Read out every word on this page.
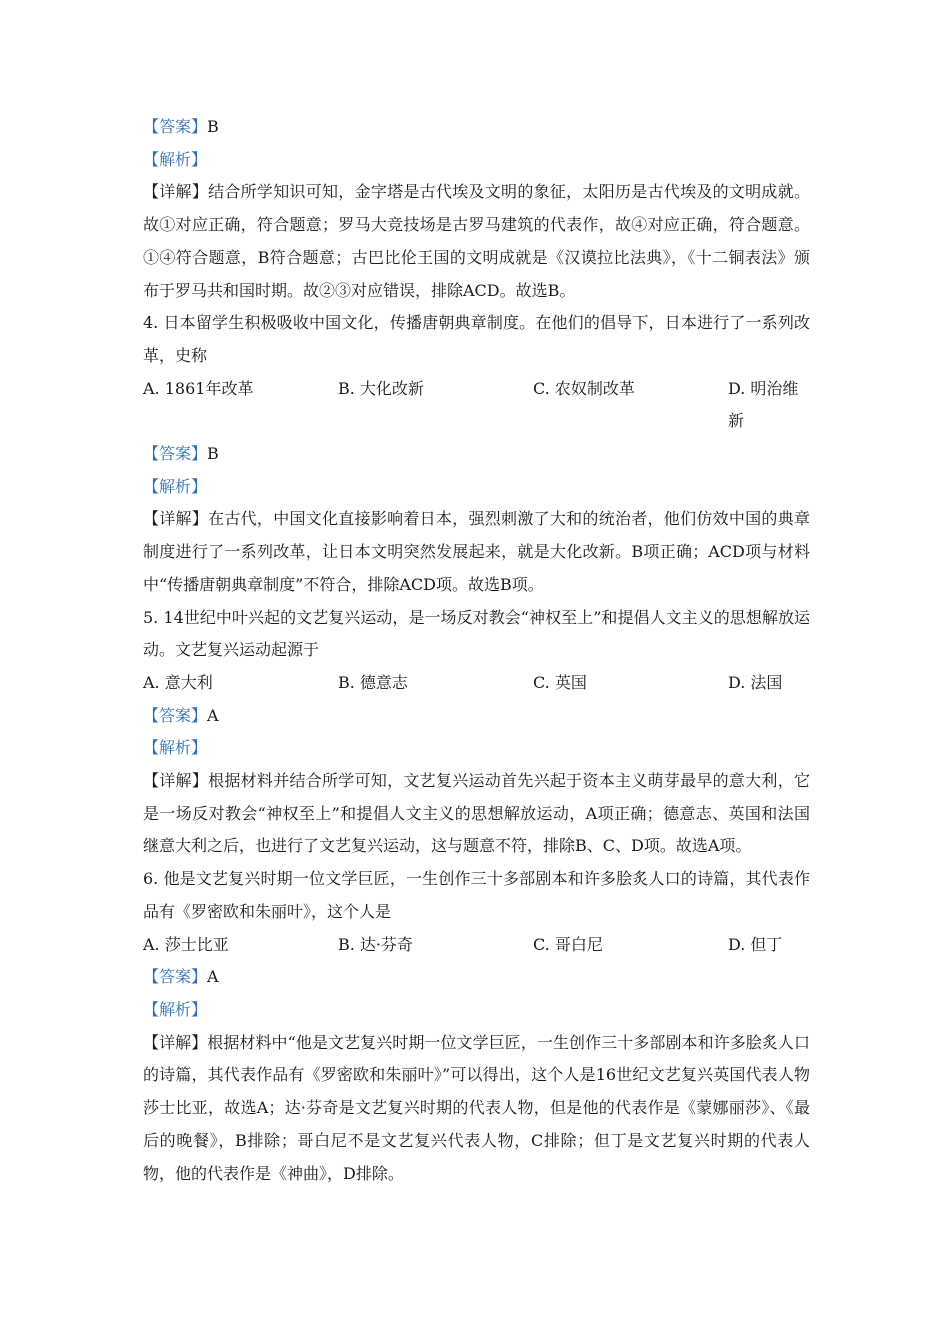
【答案】B

【解析】

【详解】结合所学知识可知，金字塔是古代埃及文明的象征，太阳历是古代埃及的文明成就。故①对应正确，符合题意；罗马大竞技场是古罗马建筑的代表作，故④对应正确，符合题意。①④符合题意，B符合题意；古巴比伦王国的文明成就是《汉谟拉比法典》，《十二铜表法》颁布于罗马共和国时期。故②③对应错误，排除ACD。故选B。

4. 日本留学生积极吸收中国文化，传播唐朝典章制度。在他们的倡导下，日本进行了一系列改革，史称

A. 1861年改革	B. 大化改新	C. 农奴制改革	D. 明治维新

【答案】B

【解析】

【详解】在古代，中国文化直接影响着日本，强烈刺激了大和的统治者，他们仿效中国的典章制度进行了一系列改革，让日本文明突然发展起来，就是大化改新。B项正确；ACD项与材料中“传播唐朝典章制度”不符合，排除ACD项。故选B项。

5. 14世纪中叶兴起的文艺复兴运动，是一场反对教会“神权至上”和提倡人文主义的思想解放运动。文艺复兴运动起源于

A. 意大利	B. 德意志	C. 英国	D. 法国

【答案】A

【解析】

【详解】根据材料并结合所学可知，文艺复兴运动首先兴起于资本主义萌芽最早的意大利，它是一场反对教会“神权至上”和提倡人文主义的思想解放运动，A项正确；德意志、英国和法国继意大利之后，也进行了文艺复兴运动，这与题意不符，排除B、C、D项。故选A项。

6. 他是文艺复兴时期一位文学巨匠，一生创作三十多部剧本和许多脍炙人口的诗篇，其代表作品有《罗密欧和朱丽叶》，这个人是

A. 莎士比亚	B. 达·芬奇	C. 哥白尼	D. 但丁

【答案】A

【解析】

【详解】根据材料中“他是文艺复兴时期一位文学巨匠，一生创作三十多部剧本和许多脍炙人口的诗篇，其代表作品有《罗密欧和朱丽叶》”可以得出，这个人是16世纪文艺复兴英国代表人物莎士比亚，故选A；达·芬奇是文艺复兴时期的代表人物，但是他的代表作是《蒙娜丽莎》、《最后的晚餐》，B排除；哥白尼不是文艺复兴代表人物，C排除；但丁是文艺复兴时期的代表人物，他的代表作是《神曲》，D排除。
